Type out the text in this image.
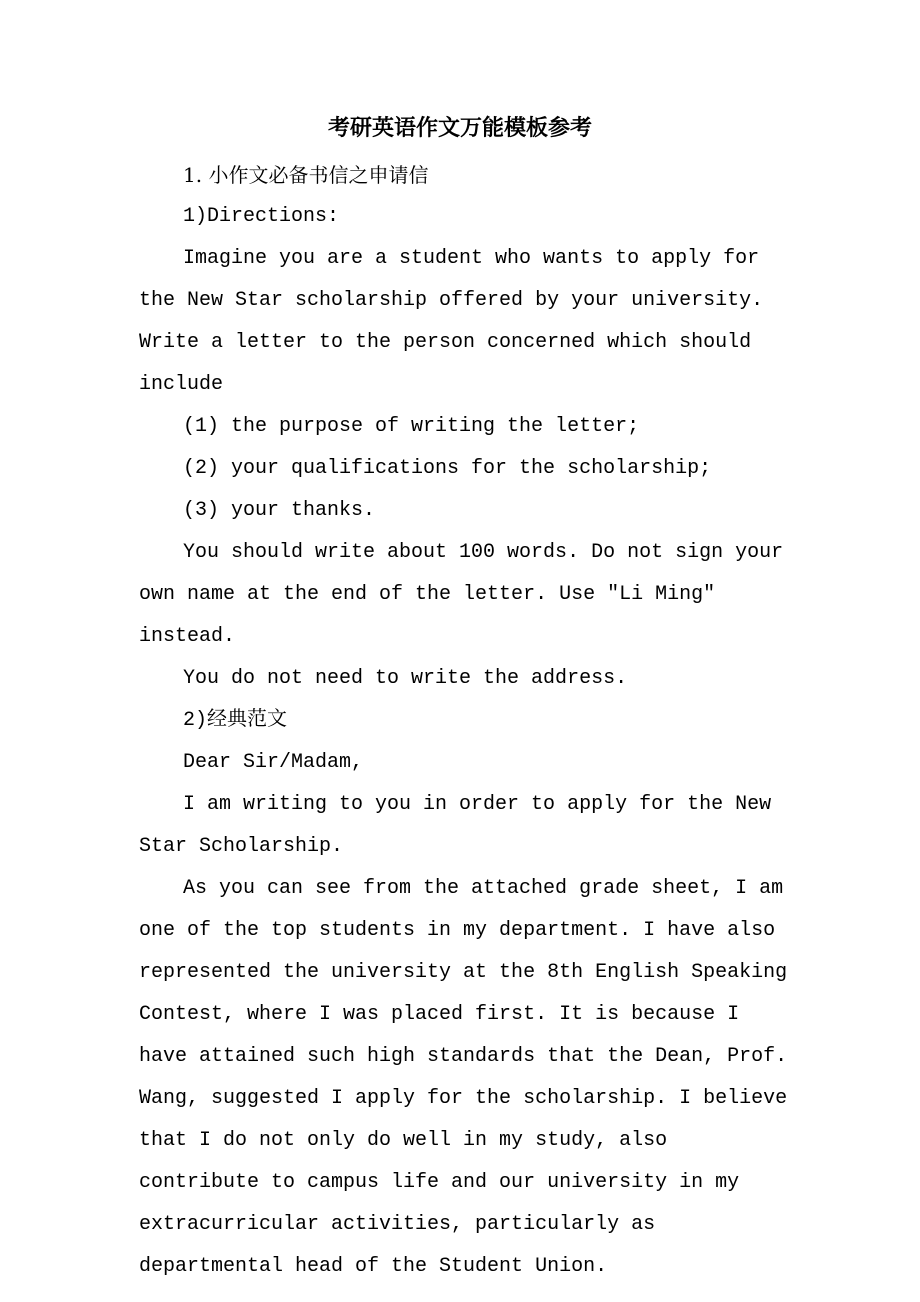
考研英语作文万能模板参考

1. 小作文必备书信之申请信

1)Directions:

Imagine you are a student who wants to apply for the New Star scholarship offered by your university. Write a letter to the person concerned which should include

(1) the purpose of writing the letter;

(2) your qualifications for the scholarship;

(3) your thanks.

You should write about 100 words. Do not sign your own name at the end of the letter. Use "Li Ming" instead.

You do not need to write the address.

2)经典范文

Dear Sir/Madam,

I am writing to you in order to apply for the New Star Scholarship.

As you can see from the attached grade sheet, I am one of the top students in my department. I have also represented the university at the 8th English Speaking Contest, where I was placed first. It is because I have attained such high standards that the Dean, Prof. Wang, suggested I apply for the scholarship. I believe that I do not only do well in my study, also contribute to campus life and our university in my extracurricular activities, particularly as departmental head of the Student Union.
